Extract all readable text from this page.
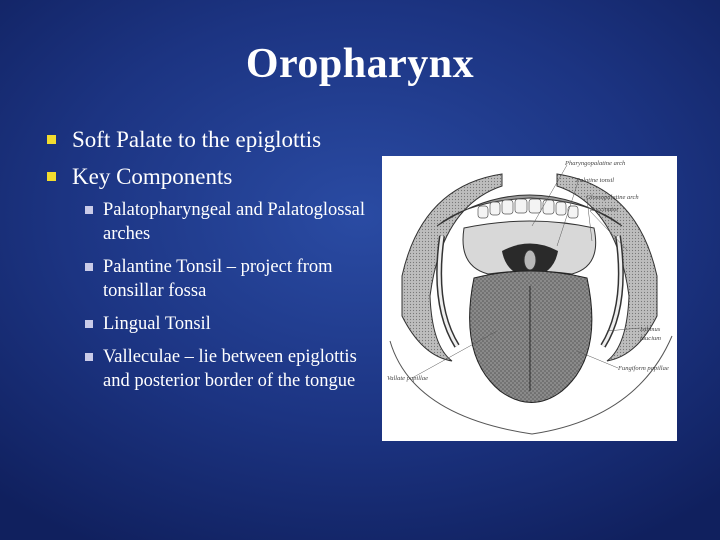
Oropharynx
Soft Palate to the epiglottis
Key Components
Palatopharyngeal and Palatoglossal arches
Palantine Tonsil – project from tonsillar fossa
Lingual Tonsil
Valleculae – lie between epiglottis and posterior border of the tongue
Pharyngopalatine arch
Palatine tonsil
Glossopalatine arch
Buccinator
Isthmus
faucium
Fungiform papillae
Vallate papillae
